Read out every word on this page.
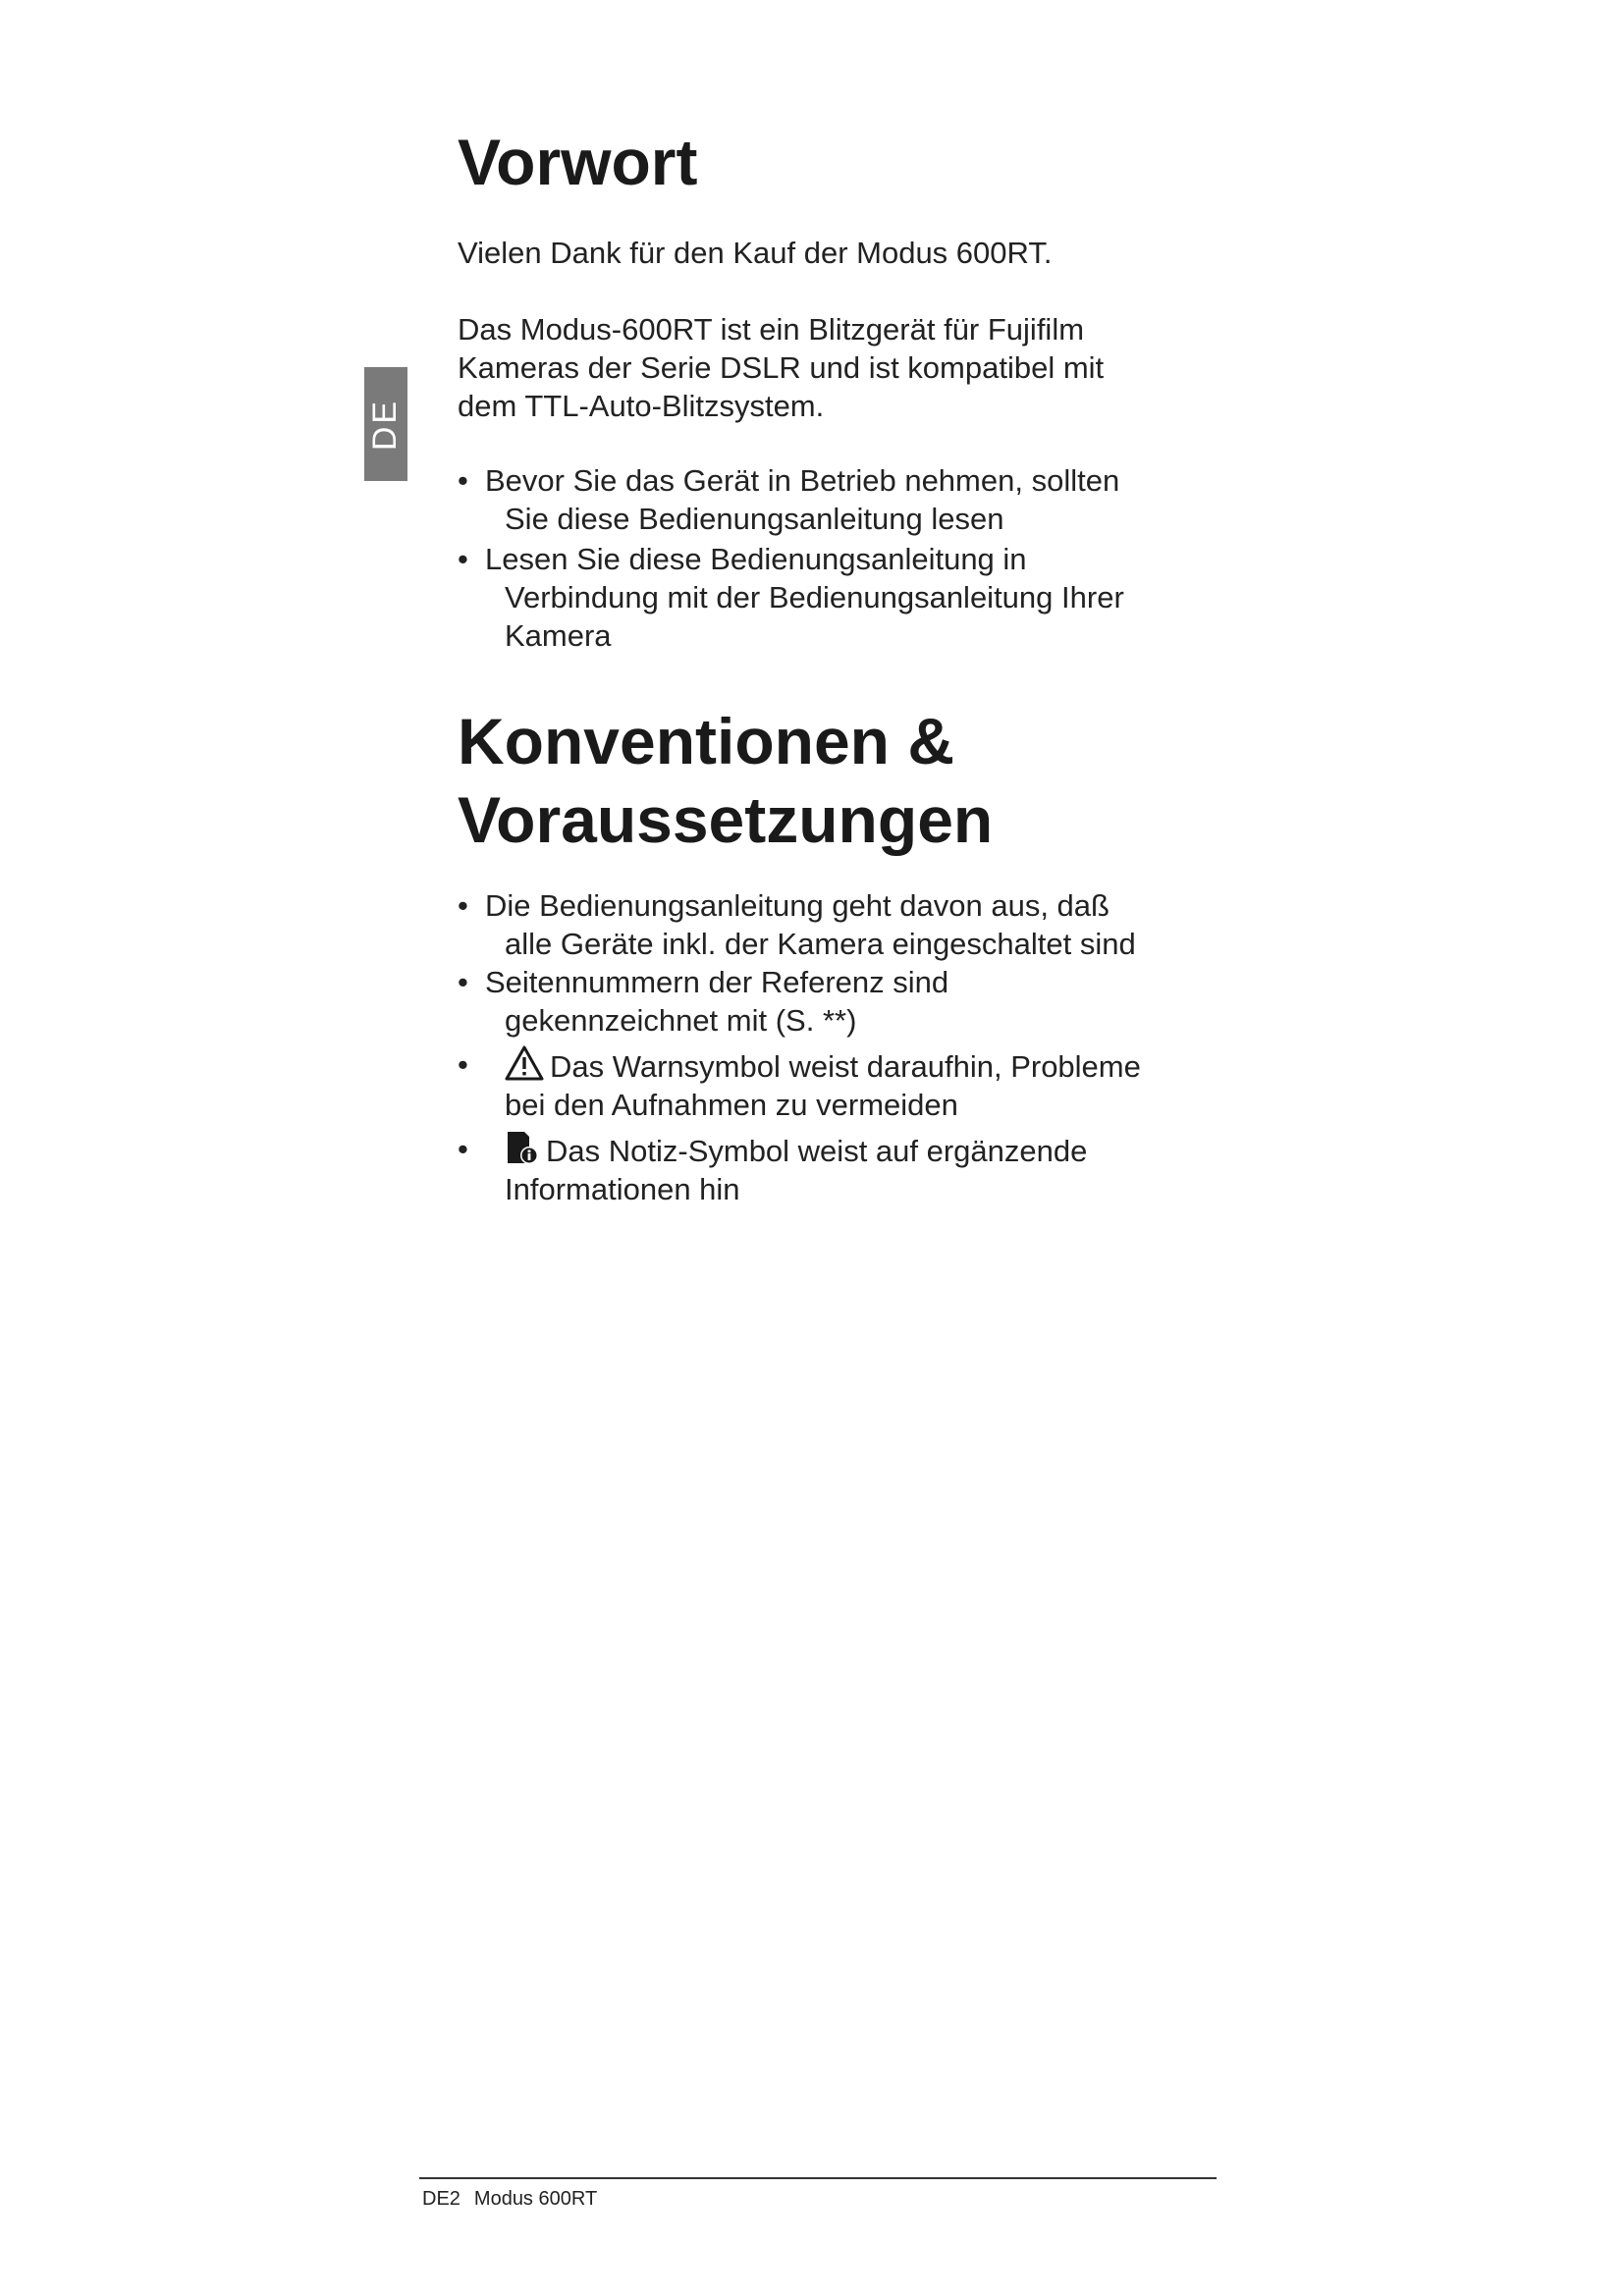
DE
Vorwort

Vielen Dank für den Kauf der Modus 600RT.

Das Modus-600RT ist ein Blitzgerät für Fujifilm
Kameras der Serie DSLR und ist kompatibel mit
dem TTL-Auto-Blitzsystem.

• Bevor Sie das Gerät in Betrieb nehmen, sollten
Sie diese Bedienungsanleitung lesen
• Lesen Sie diese Bedienungsanleitung in
Verbindung mit der Bedienungsanleitung Ihrer
Kamera
Konventionen &
Voraussetzungen
• Die Bedienungsanleitung geht davon aus, daß
alle Geräte inkl. der Kamera eingeschaltet sind
• Seitennummern der Referenz sind
gekennzeichnet mit (S. **)
•	Das Warnsymbol weist daraufhin, Probleme
bei den Aufnahmen zu vermeiden
•	Das Notiz-Symbol weist auf ergänzende
Informationen hin
DE2 Modus 600RT
